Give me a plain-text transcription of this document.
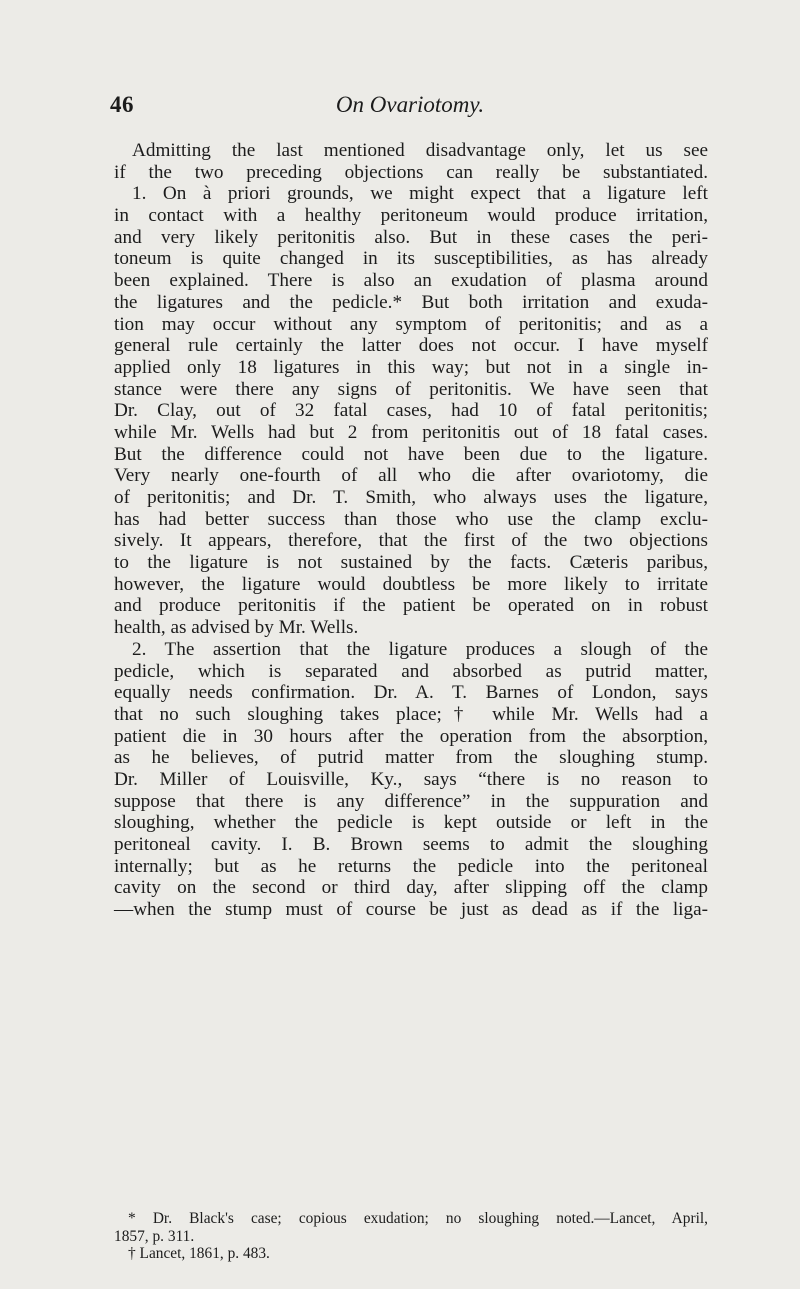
46	On Ovariotomy.
Admitting the last mentioned disadvantage only, let us see
if the two preceding objections can really be substantiated.
1. On à priori grounds, we might expect that a ligature left
in contact with a healthy peritoneum would produce irritation,
and very likely peritonitis also. But in these cases the peri-
toneum is quite changed in its susceptibilities, as has already
been explained. There is also an exudation of plasma around
the ligatures and the pedicle.* But both irritation and exuda-
tion may occur without any symptom of peritonitis; and as a
general rule certainly the latter does not occur. I have myself
applied only 18 ligatures in this way; but not in a single in-
stance were there any signs of peritonitis. We have seen that
Dr. Clay, out of 32 fatal cases, had 10 of fatal peritonitis;
while Mr. Wells had but 2 from peritonitis out of 18 fatal cases.
But the difference could not have been due to the ligature.
Very nearly one-fourth of all who die after ovariotomy, die
of peritonitis; and Dr. T. Smith, who always uses the ligature,
has had better success than those who use the clamp exclu-
sively. It appears, therefore, that the first of the two objections
to the ligature is not sustained by the facts. Cæteris paribus,
however, the ligature would doubtless be more likely to irritate
and produce peritonitis if the patient be operated on in robust
health, as advised by Mr. Wells.
2. The assertion that the ligature produces a slough of the
pedicle, which is separated and absorbed as putrid matter,
equally needs confirmation. Dr. A. T. Barnes of London, says
that no such sloughing takes place;† while Mr. Wells had a
patient die in 30 hours after the operation from the absorption,
as he believes, of putrid matter from the sloughing stump.
Dr. Miller of Louisville, Ky., says “there is no reason to
suppose that there is any difference” in the suppuration and
sloughing, whether the pedicle is kept outside or left in the
peritoneal cavity. I. B. Brown seems to admit the sloughing
internally; but as he returns the pedicle into the peritoneal
cavity on the second or third day, after slipping off the clamp
—when the stump must of course be just as dead as if the liga-
* Dr. Black's case; copious exudation; no sloughing noted.—Lancet, April,
1857, p. 311.
† Lancet, 1861, p. 483.
